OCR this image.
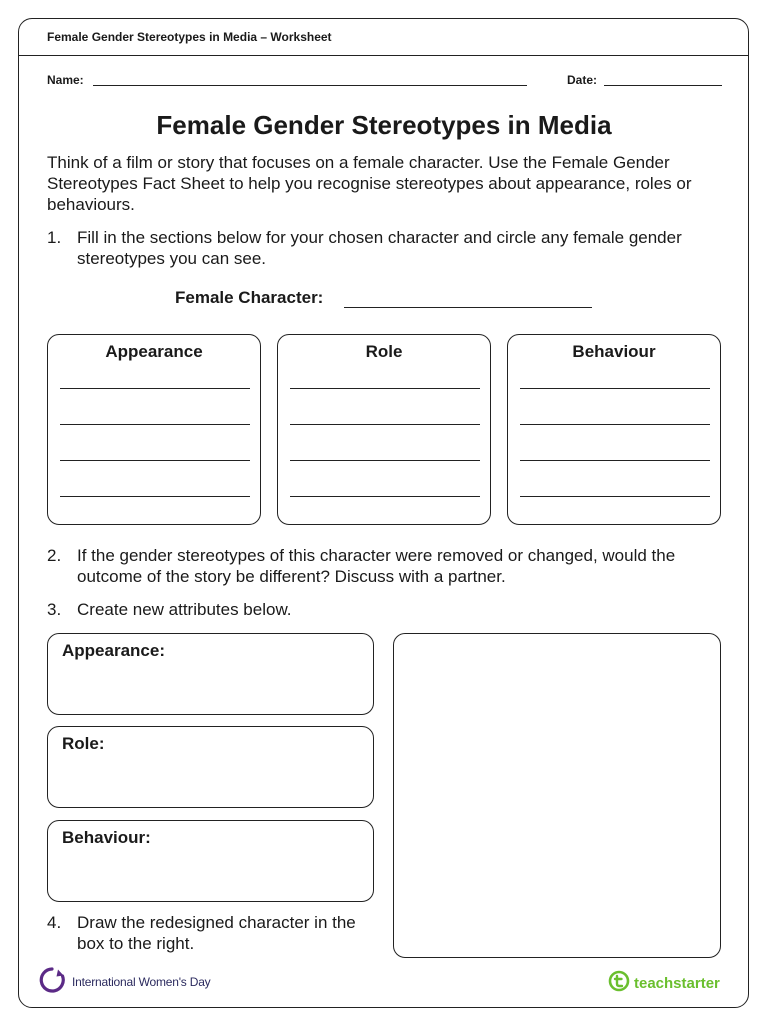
Female Gender Stereotypes in Media – Worksheet
Name:	Date:
Female Gender Stereotypes in Media
Think of a film or story that focuses on a female character. Use the Female Gender Stereotypes Fact Sheet to help you recognise stereotypes about appearance, roles or behaviours.
1. Fill in the sections below for your chosen character and circle any female gender stereotypes you can see.
Female Character:
Appearance	Role	Behaviour
2. If the gender stereotypes of this character were removed or changed, would the outcome of the story be different? Discuss with a partner.
3. Create new attributes below.
Appearance:
Role:
Behaviour:
4. Draw the redesigned character in the box to the right.
International Women's Day	teachstarter
